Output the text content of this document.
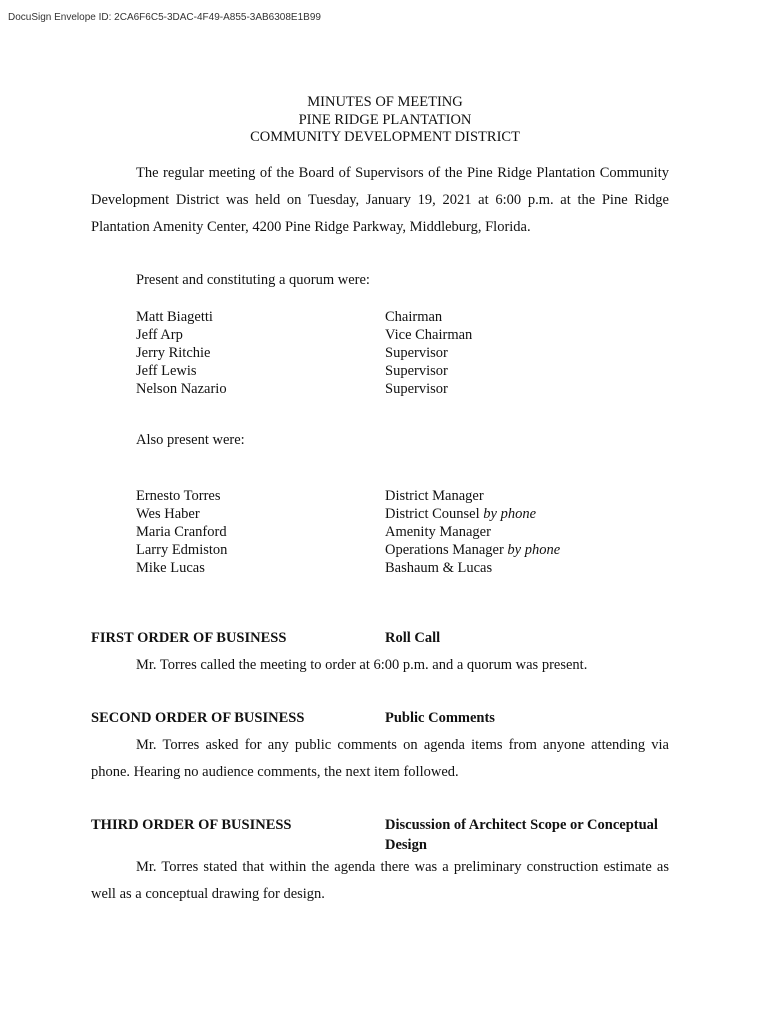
DocuSign Envelope ID: 2CA6F6C5-3DAC-4F49-A855-3AB6308E1B99
MINUTES OF MEETING
PINE RIDGE PLANTATION
COMMUNITY DEVELOPMENT DISTRICT
The regular meeting of the Board of Supervisors of the Pine Ridge Plantation Community Development District was held on Tuesday, January 19, 2021 at 6:00 p.m. at the Pine Ridge Plantation Amenity Center, 4200 Pine Ridge Parkway, Middleburg, Florida.
Present and constituting a quorum were:
Matt Biagetti	Chairman
Jeff Arp	Vice Chairman
Jerry Ritchie	Supervisor
Jeff Lewis	Supervisor
Nelson Nazario	Supervisor
Also present were:
Ernesto Torres	District Manager
Wes Haber	District Counsel by phone
Maria Cranford	Amenity Manager
Larry Edmiston	Operations Manager by phone
Mike Lucas	Bashaum & Lucas
FIRST ORDER OF BUSINESS	Roll Call
Mr. Torres called the meeting to order at 6:00 p.m. and a quorum was present.
SECOND ORDER OF BUSINESS	Public Comments
Mr. Torres asked for any public comments on agenda items from anyone attending via phone. Hearing no audience comments, the next item followed.
THIRD ORDER OF BUSINESS	Discussion of Architect Scope or Conceptual Design
Mr. Torres stated that within the agenda there was a preliminary construction estimate as well as a conceptual drawing for design.
